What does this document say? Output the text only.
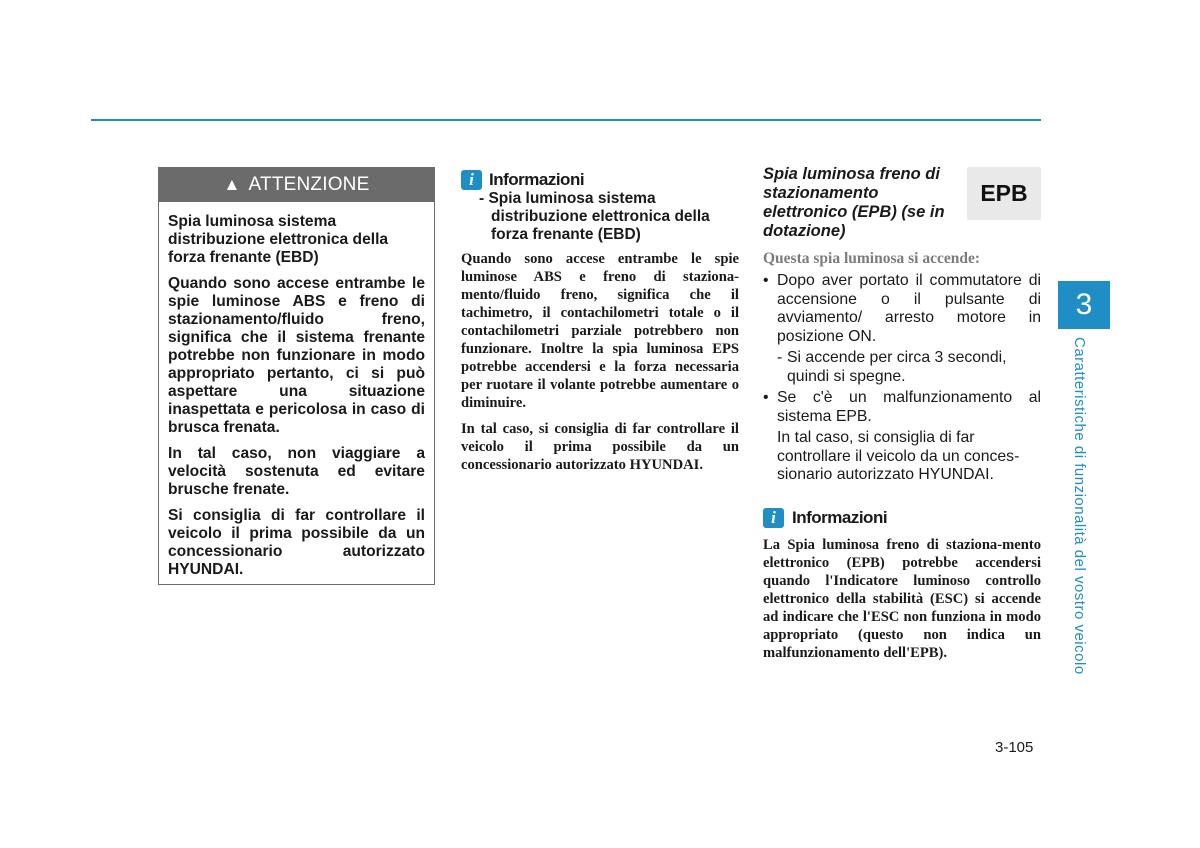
▲ ATTENZIONE

Spia luminosa sistema distribuzione elettronica della forza frenante (EBD)

Quando sono accese entrambe le spie luminose ABS e freno di stazionamento/fluido freno, significa che il sistema frenante potrebbe non funzionare in modo appropriato pertanto, ci si può aspettare una situazione inaspettata e pericolosa in caso di brusca frenata.

In tal caso, non viaggiare a velocità sostenuta ed evitare brusche frenate.

Si consiglia di far controllare il veicolo il prima possibile da un concessionario autorizzato HYUNDAI.

i Informazioni
- Spia luminosa sistema distribuzione elettronica della forza frenante (EBD)

Quando sono accese entrambe le spie luminose ABS e freno di staziona-mento/fluido freno, significa che il tachimetro, il contachilometri totale o il contachilometri parziale potrebbero non funzionare. Inoltre la spia luminosa EPS potrebbe accendersi e la forza necessaria per ruotare il volante potrebbe aumentare o diminuire.

In tal caso, si consiglia di far controllare il veicolo il prima possibile da un concessionario autorizzato HYUNDAI.

Spia luminosa freno di stazionamento elettronico (EPB) (se in dotazione)
EPB
Questa spia luminosa si accende:
• Dopo aver portato il commutatore di accensione o il pulsante di avviamento/ arresto motore in posizione ON.
- Si accende per circa 3 secondi, quindi si spegne.
• Se c'è un malfunzionamento al sistema EPB.
In tal caso, si consiglia di far controllare il veicolo da un conces-sionario autorizzato HYUNDAI.
i Informazioni

La Spia luminosa freno di staziona-mento elettronico (EPB) potrebbe accendersi quando l'Indicatore luminoso controllo elettronico della stabilità (ESC) si accende ad indicare che l'ESC non funziona in modo appropriato (questo non indica un malfunzionamento dell'EPB).

3
Caratteristiche di funzionalità del vostro veicolo
3-105
